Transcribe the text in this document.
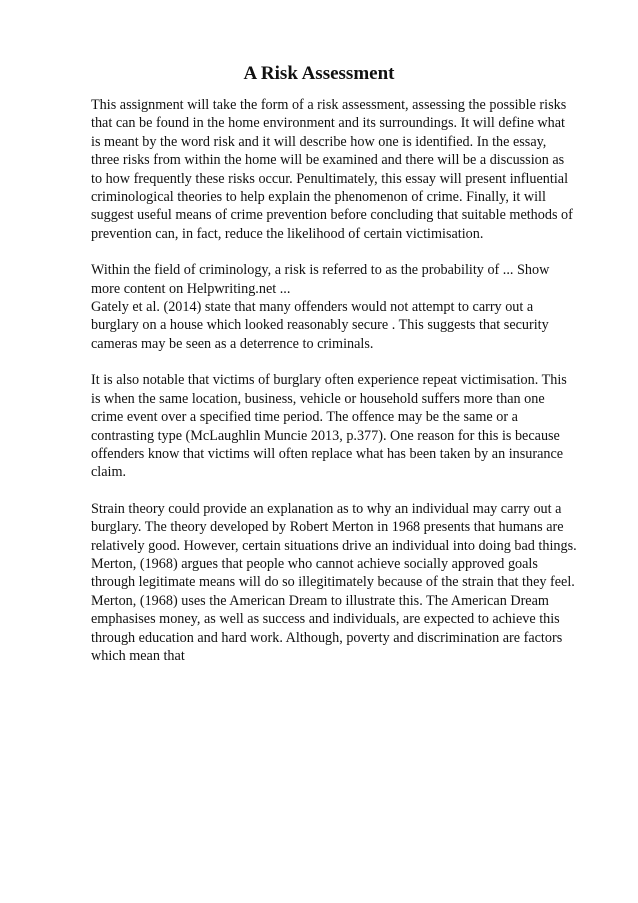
A Risk Assessment

This assignment will take the form of a risk assessment, assessing the possible risks
that can be found in the home environment and its surroundings. It will define what
is meant by the word risk and it will describe how one is identified. In the essay,
three risks from within the home will be examined and there will be a discussion as
to how frequently these risks occur. Penultimately, this essay will present influential
criminological theories to help explain the phenomenon of crime. Finally, it will
suggest useful means of crime prevention before concluding that suitable methods of
prevention can, in fact, reduce the likelihood of certain victimisation.

Within the field of criminology, a risk is referred to as the probability of ... Show
more content on Helpwriting.net ...
Gately et al. (2014) state that many offenders would not attempt to carry out a
burglary on a house which looked reasonably secure . This suggests that security
cameras may be seen as a deterrence to criminals.

It is also notable that victims of burglary often experience repeat victimisation. This
is when the same location, business, vehicle or household suffers more than one
crime event over a specified time period. The offence may be the same or a
contrasting type (McLaughlin Muncie 2013, p.377). One reason for this is because
offenders know that victims will often replace what has been taken by an insurance
claim.

Strain theory could provide an explanation as to why an individual may carry out a
burglary. The theory developed by Robert Merton in 1968 presents that humans are
relatively good. However, certain situations drive an individual into doing bad things.
Merton, (1968) argues that people who cannot achieve socially approved goals
through legitimate means will do so illegitimately because of the strain that they feel.
Merton, (1968) uses the American Dream to illustrate this. The American Dream
emphasises money, as well as success and individuals, are expected to achieve this
through education and hard work. Although, poverty and discrimination are factors
which mean that
